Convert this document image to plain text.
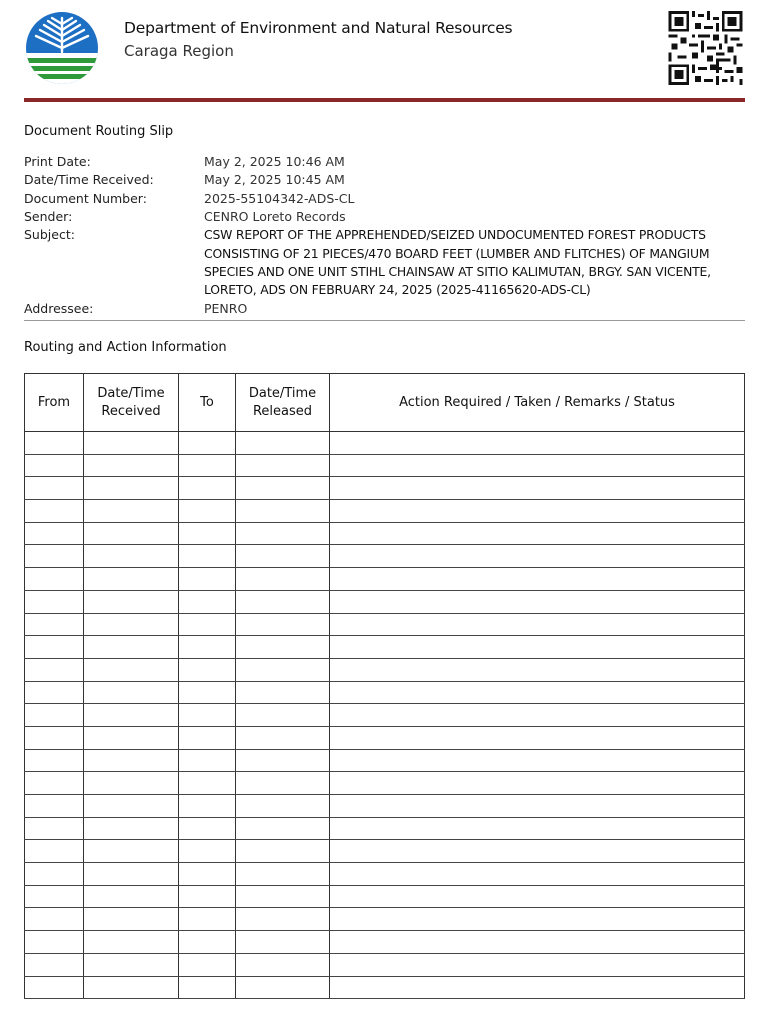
Department of Environment and Natural Resources
Caraga Region
Document Routing Slip
Print Date:	May 2, 2025 10:46 AM
Date/Time Received:	May 2, 2025 10:45 AM
Document Number:	2025-55104342-ADS-CL
Sender:	CENRO Loreto Records
Subject:	CSW REPORT OF THE APPREHENDED/SEIZED UNDOCUMENTED FOREST PRODUCTS CONSISTING OF 21 PIECES/470 BOARD FEET (LUMBER AND FLITCHES) OF MANGIUM SPECIES AND ONE UNIT STIHL CHAINSAW AT SITIO KALIMUTAN, BRGY. SAN VICENTE, LORETO, ADS ON FEBRUARY 24, 2025 (2025-41165620-ADS-CL)
Addressee:	PENRO
Routing and Action Information
From	Date/Time Received	To	Date/Time Released	Action Required / Taken / Remarks / Status
